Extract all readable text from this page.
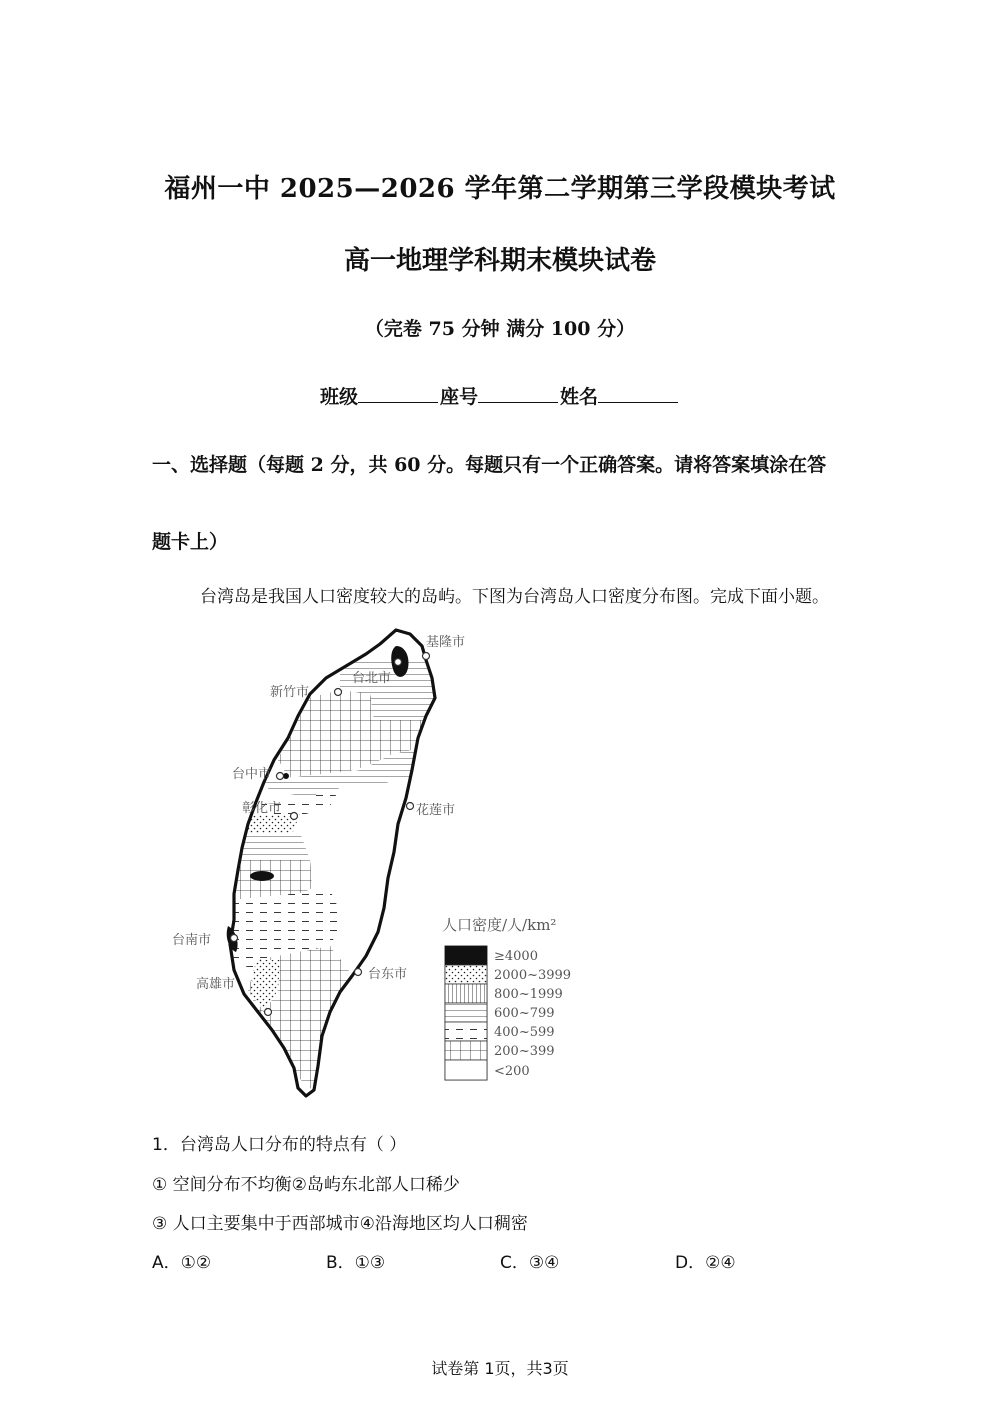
福州一中 2025—2026 学年第二学期第三学段模块考试
高一地理学科期末模块试卷
（完卷 75 分钟 满分 100 分）
班级	座号	姓名
一、选择题（每题 2 分，共 60 分。每题只有一个正确答案。请将答案填涂在答
题卡上）
台湾岛是我国人口密度较大的岛屿。下图为台湾岛人口密度分布图。完成下面小题。
基隆市
台北市
新竹市
台中市
彰化市	花莲市
台南市
高雄市
台东市
人口密度/人/km²
≥4000
2000~3999
800~1999
600~799
400~599
200~399
<200
1．台湾岛人口分布的特点有（ ）
① 空间分布不均衡②岛屿东北部人口稀少
③ 人口主要集中于西部城市④沿海地区均人口稠密
A．①②	B．①③	C．③④	D．②④
试卷第 1页，共3页
